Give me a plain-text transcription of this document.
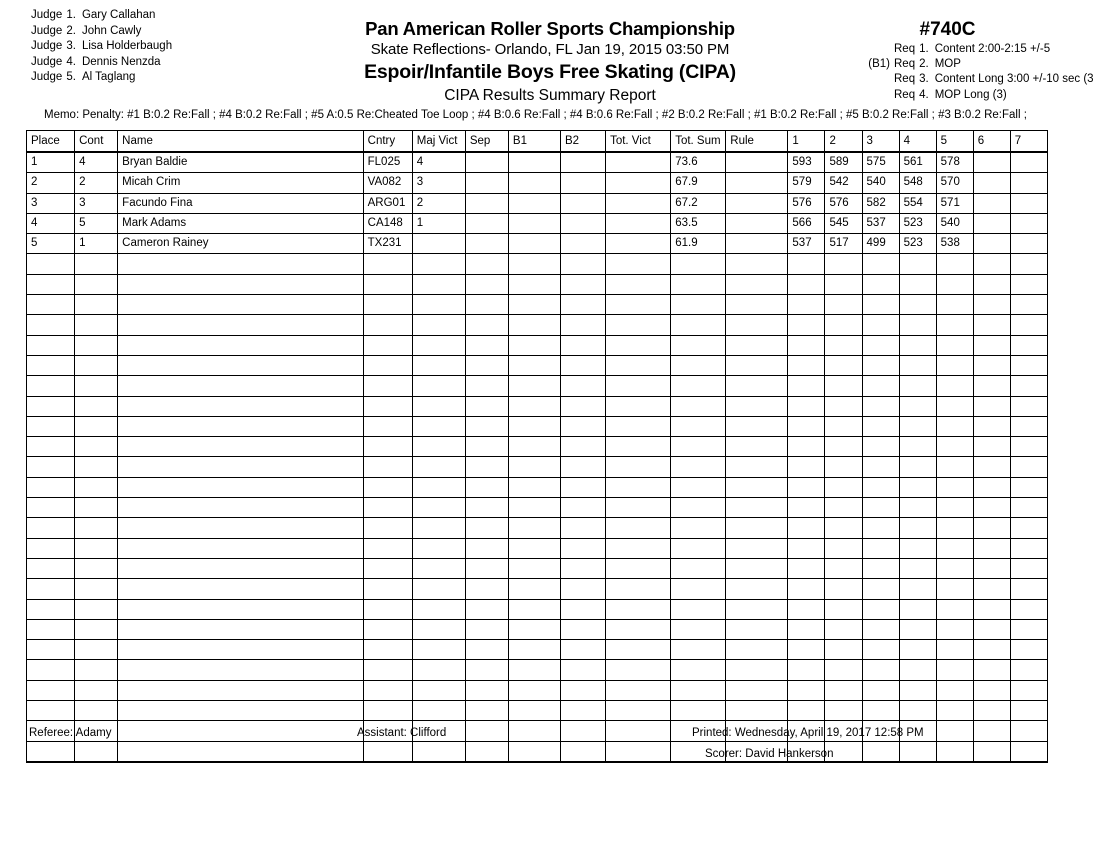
Judge 1. Gary Callahan
Judge 2. John Cawly
Judge 3. Lisa Holderbaugh
Judge 4. Dennis Nenzda
Judge 5. Al Taglang
Pan American Roller Sports Championship
Skate Reflections- Orlando, FL Jan 19, 2015 03:50 PM
Espoir/Infantile Boys Free Skating (CIPA)
CIPA Results Summary Report
#740C
Req 1. Content 2:00-2:15 +/-5
(B1) Req 2. MOP
Req 3. Content Long 3:00 +/-10 sec (3
Req 4. MOP Long (3)
Memo: Penalty: #1 B:0.2 Re:Fall ; #4 B:0.2 Re:Fall ; #5 A:0.5 Re:Cheated Toe Loop ; #4 B:0.6 Re:Fall ; #4 B:0.6 Re:Fall ; #2 B:0.2 Re:Fall ; #1 B:0.2 Re:Fall ; #5 B:0.2 Re:Fall ; #3 B:0.2 Re:Fall ;
Place	Cont	Name	Cntry	Maj Vict	Sep	B1	B2	Tot. Vict	Tot. Sum	Rule	1	2	3	4	5	6	7
1	4	Bryan Baldie	FL025	4					73.6		593	589	575	561	578		
2	2	Micah Crim	VA082	3					67.9		579	542	540	548	570		
3	3	Facundo Fina	ARG01	2					67.2		576	576	582	554	571		
4	5	Mark Adams	CA148	1					63.5		566	545	537	523	540		
5	1	Cameron Rainey	TX231						61.9		537	517	499	523	538		

Referee: Adamy	Assistant: Clifford	Printed: Wednesday, April 19, 2017 12:58 PM
Scorer: David Hankerson
